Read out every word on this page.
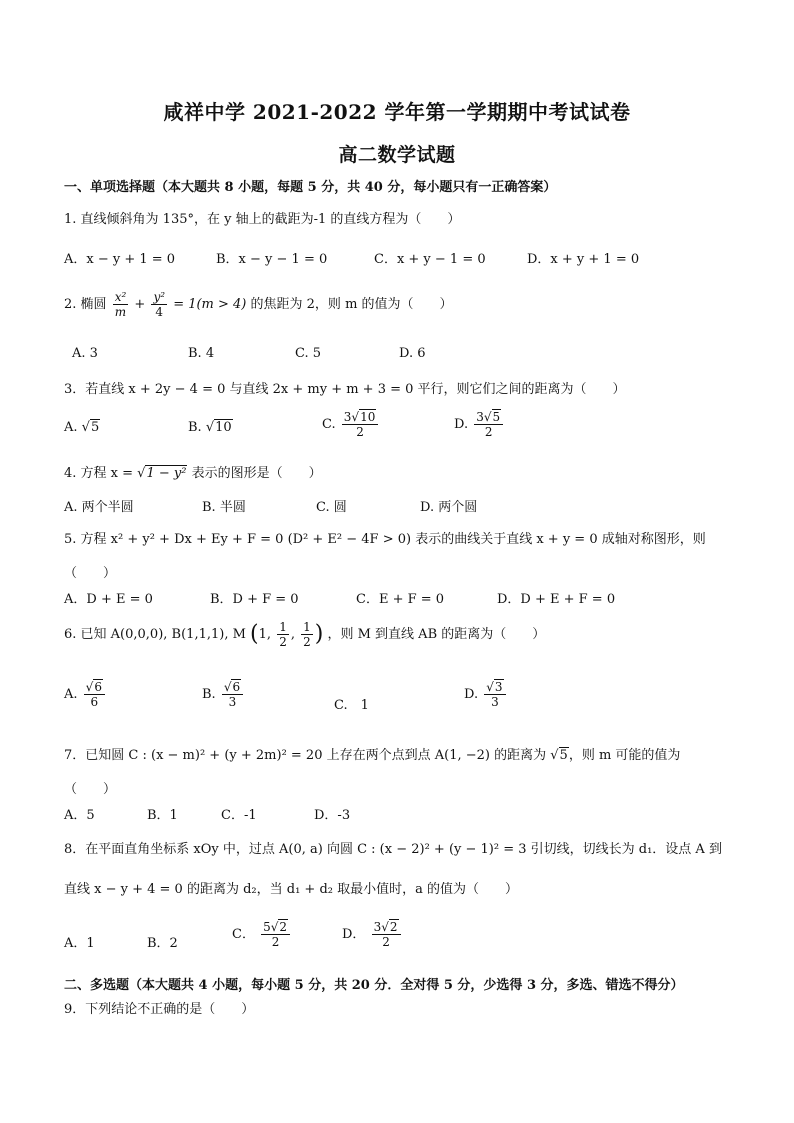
咸祥中学 2021-2022 学年第一学期期中考试试卷
高二数学试题
一、单项选择题（本大题共 8 小题，每题 5 分，共 40 分，每小题只有一正确答案）
1. 直线倾斜角为 135°，在 y 轴上的截距为-1 的直线方程为（　　）
A．x − y + 1 = 0	B．x − y − 1 = 0	C．x + y − 1 = 0	D．x + y + 1 = 0
2. 椭圆 $\frac{\text{x²}}{m} + \frac{\text{y²}}{4} = 1(m > 4)$ 的焦距为 2，则 m 的值为（　　）
A. 3	B. 4	C. 5	D. 6
3．若直线 x + 2y − 4 = 0 与直线 2x + my + m + 3 = 0 平行，则它们之间的距离为（　　）
A. √5	B. √10	C. $\frac{3√10}{2}$	D. $\frac{3√5}{2}$
4. 方程 x = √1 − y² 表示的图形是（　　）
A. 两个半圆	B. 半圆	C. 圆	D. 两个圆
5. 方程 x² + y² + Dx + Ey + F = 0 (D² + E² − 4F > 0) 表示的曲线关于直线 x + y = 0 成轴对称图形，则
（　　）
A．D + E = 0	B．D + F = 0	C．E + F = 0	D．D + E + F = 0
6. 已知 A(0,0,0), B(1,1,1), M (1, $\frac{1}{2}$ , $\frac{1}{2}$ ) ，则 M 到直线 AB 的距离为（　　）
A. $\frac{√6}{6}$	B. $\frac{√6}{3}$	C.　1
D. $\frac{√3}{3}$
7．已知圆 C : (x − m)² + (y + 2m)² = 20 上存在两个点到点 A(1, −2) 的距离为 √5，则 m 可能的值为
（　　）
A．5	B．1	C．-1	D．-3
8．在平面直角坐标系 xOy 中，过点 A(0, a) 向圆 C : (x − 2)² + (y − 1)² = 3 引切线，切线长为 d₁．设点 A 到
直线 x − y + 4 = 0 的距离为 d₂，当 d₁ + d₂ 取最小值时，a 的值为（　　）
A．1	B．2
C． $\frac{5√2}{2}$	D． $\frac{3√2}{2}$
二、多选题（本大题共 4 小题，每小题 5 分，共 20 分．全对得 5 分，少选得 3 分，多选、错选不得分）
9．下列结论不正确的是（　　）
